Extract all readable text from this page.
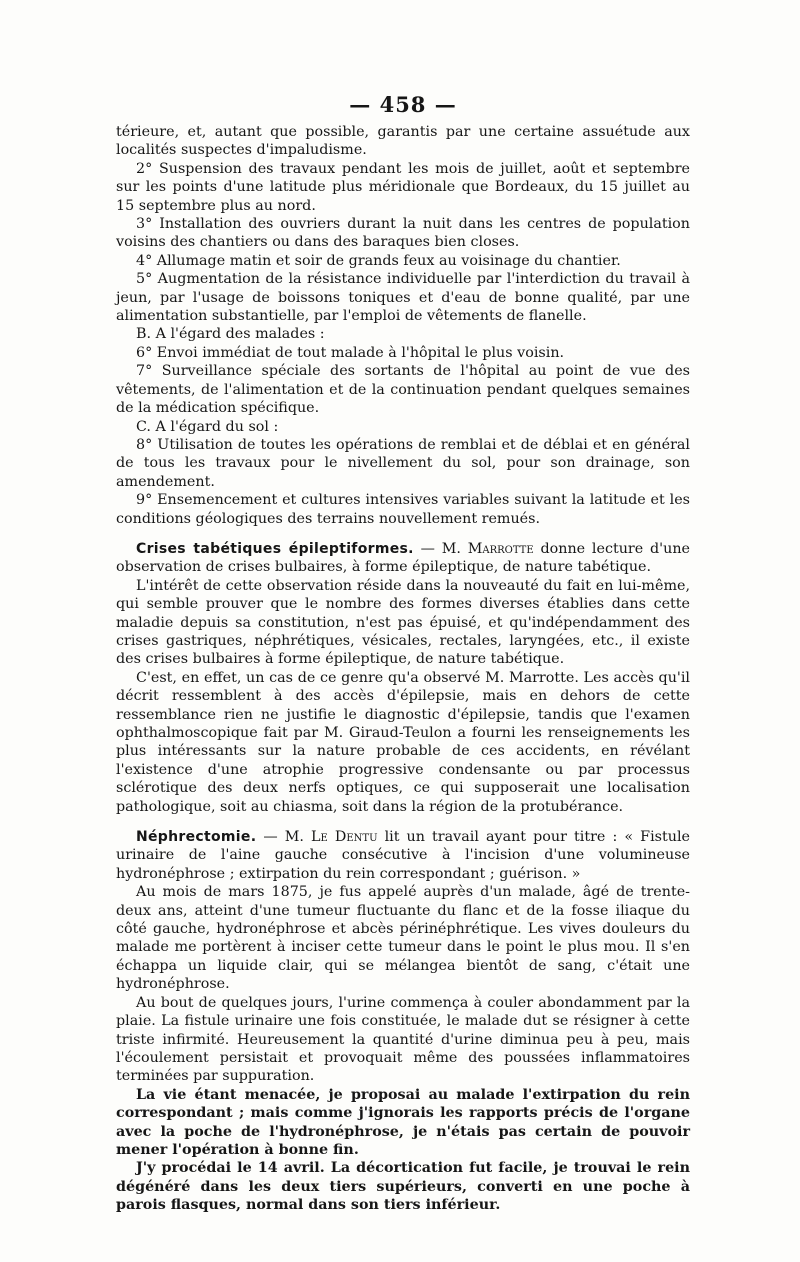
— 458 —

térieure, et, autant que possible, garantis par une certaine assuétude aux localités suspectes d'impaludisme.

2° Suspension des travaux pendant les mois de juillet, août et septembre sur les points d'une latitude plus méridionale que Bordeaux, du 15 juillet au 15 septembre plus au nord.

3° Installation des ouvriers durant la nuit dans les centres de population voisins des chantiers ou dans des baraques bien closes.

4° Allumage matin et soir de grands feux au voisinage du chantier.

5° Augmentation de la résistance individuelle par l'interdiction du travail à jeun, par l'usage de boissons toniques et d'eau de bonne qualité, par une alimentation substantielle, par l'emploi de vêtements de flanelle.

B. A l'égard des malades :

6° Envoi immédiat de tout malade à l'hôpital le plus voisin.

7° Surveillance spéciale des sortants de l'hôpital au point de vue des vêtements, de l'alimentation et de la continuation pendant quelques semaines de la médication spécifique.

C. A l'égard du sol :

8° Utilisation de toutes les opérations de remblai et de déblai et en général de tous les travaux pour le nivellement du sol, pour son drainage, son amendement.

9° Ensemencement et cultures intensives variables suivant la latitude et les conditions géologiques des terrains nouvellement remués.

Crises tabétiques épileptiformes. — M. Marrotte donne lecture d'une observation de crises bulbaires, à forme épileptique, de nature tabétique.

L'intérêt de cette observation réside dans la nouveauté du fait en lui-même, qui semble prouver que le nombre des formes diverses établies dans cette maladie depuis sa constitution, n'est pas épuisé, et qu'indépendamment des crises gastriques, néphrétiques, vésicales, rectales, laryngées, etc., il existe des crises bulbaires à forme épileptique, de nature tabétique.

C'est, en effet, un cas de ce genre qu'a observé M. Marrotte. Les accès qu'il décrit ressemblent à des accès d'épilepsie, mais en dehors de cette ressemblance rien ne justifie le diagnostic d'épilepsie, tandis que l'examen ophthalmoscopique fait par M. Giraud-Teulon a fourni les renseignements les plus intéressants sur la nature probable de ces accidents, en révélant l'existence d'une atrophie progressive condensante ou par processus sclérotique des deux nerfs optiques, ce qui supposerait une localisation pathologique, soit au chiasma, soit dans la région de la protubérance.

Néphrectomie. — M. Le Dentu lit un travail ayant pour titre : « Fistule urinaire de l'aine gauche consécutive à l'incision d'une volumineuse hydronéphrose ; extirpation du rein correspondant ; guérison. »

Au mois de mars 1875, je fus appelé auprès d'un malade, âgé de trente-deux ans, atteint d'une tumeur fluctuante du flanc et de la fosse iliaque du côté gauche, hydronéphrose et abcès périnéphrétique. Les vives douleurs du malade me portèrent à inciser cette tumeur dans le point le plus mou. Il s'en échappa un liquide clair, qui se mélangea bientôt de sang, c'était une hydronéphrose.

Au bout de quelques jours, l'urine commença à couler abondamment par la plaie. La fistule urinaire une fois constituée, le malade dut se résigner à cette triste infirmité. Heureusement la quantité d'urine diminua peu à peu, mais l'écoulement persistait et provoquait même des poussées inflammatoires terminées par suppuration.

La vie étant menacée, je proposai au malade l'extirpation du rein correspondant ; mais comme j'ignorais les rapports précis de l'organe avec la poche de l'hydronéphrose, je n'étais pas certain de pouvoir mener l'opération à bonne fin.

J'y procédai le 14 avril. La décortication fut facile, je trouvai le rein dégénéré dans les deux tiers supérieurs, converti en une poche à parois flasques, normal dans son tiers inférieur.
